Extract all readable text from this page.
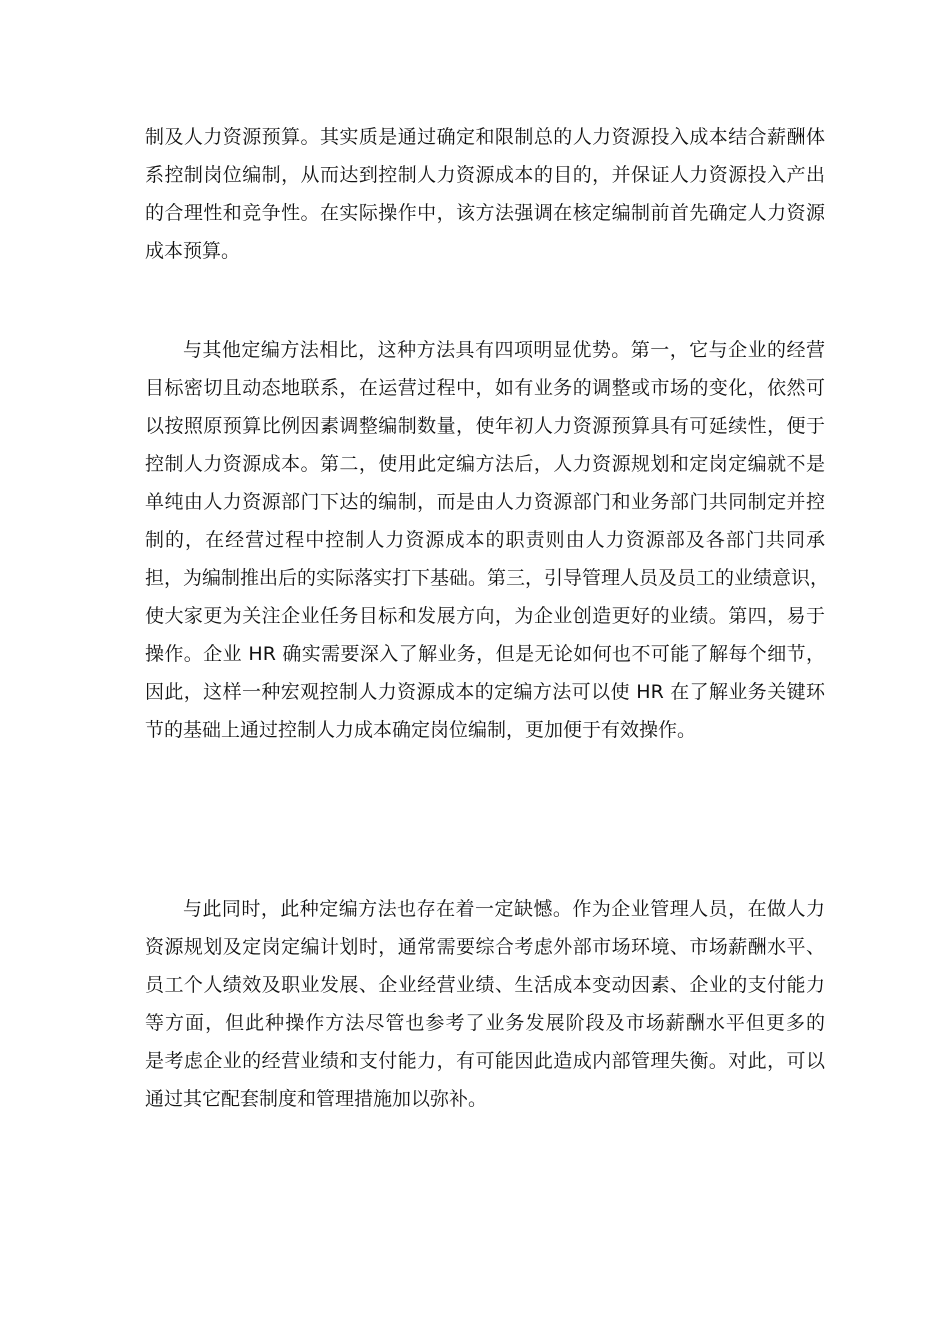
制及人力资源预算。其实质是通过确定和限制总的人力资源投入成本结合薪酬体
系控制岗位编制，从而达到控制人力资源成本的目的，并保证人力资源投入产出
的合理性和竞争性。在实际操作中，该方法强调在核定编制前首先确定人力资源
成本预算。
与其他定编方法相比，这种方法具有四项明显优势。第一，它与企业的经营
目标密切且动态地联系，在运营过程中，如有业务的调整或市场的变化，依然可
以按照原预算比例因素调整编制数量，使年初人力资源预算具有可延续性，便于
控制人力资源成本。第二，使用此定编方法后，人力资源规划和定岗定编就不是
单纯由人力资源部门下达的编制，而是由人力资源部门和业务部门共同制定并控
制的，在经营过程中控制人力资源成本的职责则由人力资源部及各部门共同承
担，为编制推出后的实际落实打下基础。第三，引导管理人员及员工的业绩意识，
使大家更为关注企业任务目标和发展方向，为企业创造更好的业绩。第四，易于
操作。企业 HR 确实需要深入了解业务，但是无论如何也不可能了解每个细节，
因此，这样一种宏观控制人力资源成本的定编方法可以使 HR 在了解业务关键环
节的基础上通过控制人力成本确定岗位编制，更加便于有效操作。
与此同时，此种定编方法也存在着一定缺憾。作为企业管理人员，在做人力
资源规划及定岗定编计划时，通常需要综合考虑外部市场环境、市场薪酬水平、
员工个人绩效及职业发展、企业经营业绩、生活成本变动因素、企业的支付能力
等方面，但此种操作方法尽管也参考了业务发展阶段及市场薪酬水平但更多的
是考虑企业的经营业绩和支付能力，有可能因此造成内部管理失衡。对此，可以
通过其它配套制度和管理措施加以弥补。
